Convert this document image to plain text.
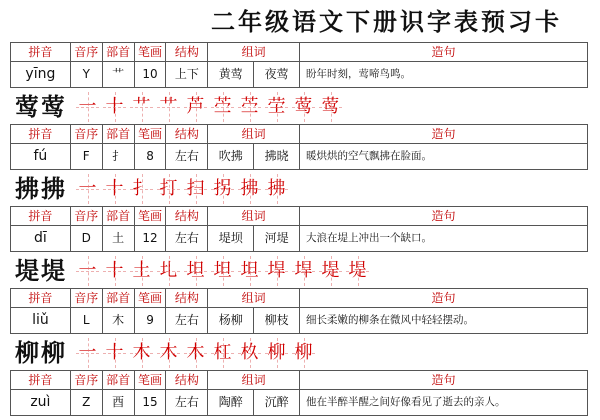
二年级语文下册识字表预习卡
拼音	音序 部首 笔画	结构	组词	造句
yīng	Y	艹	10	上下	黄莺	夜莺	盼年时刻，莺啼鸟鸣。
莺 莺 一 十 艹 艹 芦 苎 苎 茔 莺 莺
拼音	音序 部首 笔画	结构	组词	造句
fú	F	扌	8	左右	吹拂	拂晓	暖烘烘的空气飘拂在脸面。
拂 拂 一 十 扌 打 扫 拐 拂 拂
拼音	音序 部首 笔画	结构	组词	造句
dī	D	土	12	左右	堤坝	河堤	大浪在堤上冲出一个缺口。
堤 堤 一 十 土 圠 坦 坦 坦 垾 垾 堤 堤
拼音	音序 部首 笔画	结构	组词	造句
liǔ	L	木	9	左右	杨柳	柳枝	细长柔嫩的柳条在微风中轻轻摆动。
柳 柳 一 十 木 木 木 杠 杦 柳 柳
拼音	音序 部首 笔画	结构	组词	造句
zuì	Z	酉	15	左右	陶醉	沉醉	他在半醉半醒之间好像看见了逝去的亲人。
